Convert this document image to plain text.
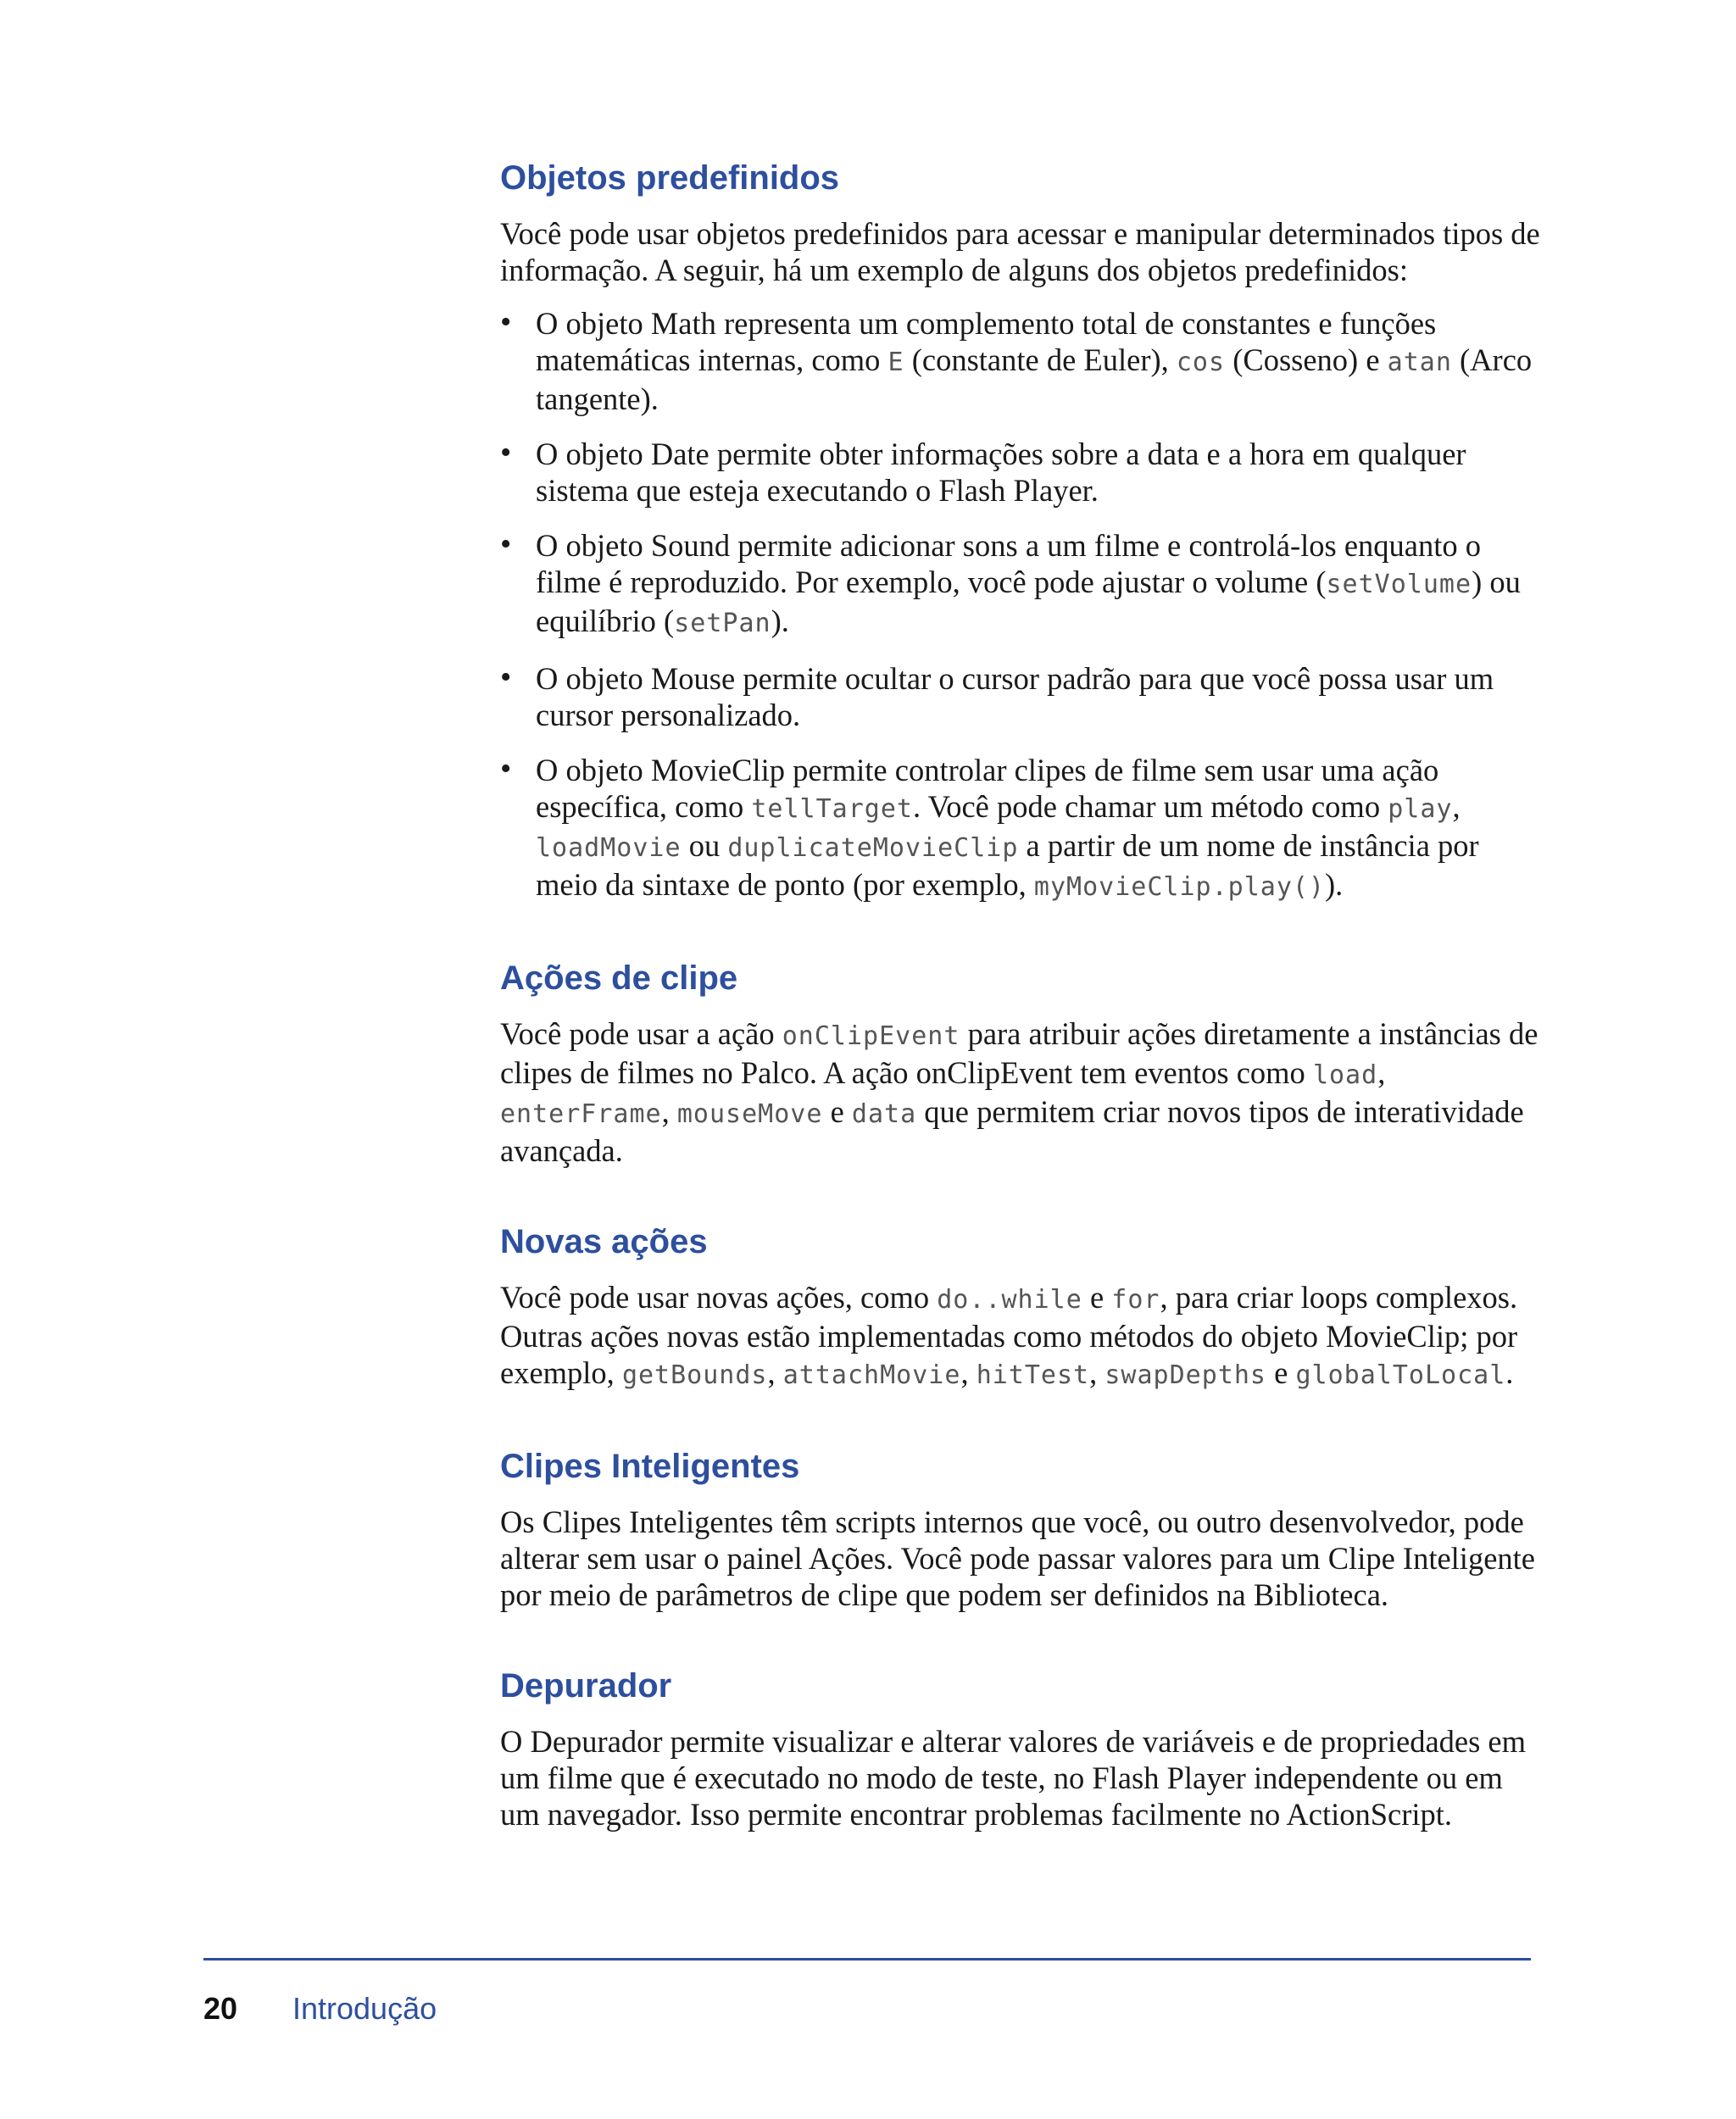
Objetos predefinidos

Você pode usar objetos predefinidos para acessar e manipular determinados tipos de informação. A seguir, há um exemplo de alguns dos objetos predefinidos:

• O objeto Math representa um complemento total de constantes e funções matemáticas internas, como E (constante de Euler), cos (Cosseno) e atan (Arco tangente).
• O objeto Date permite obter informações sobre a data e a hora em qualquer sistema que esteja executando o Flash Player.
• O objeto Sound permite adicionar sons a um filme e controlá-los enquanto o filme é reproduzido. Por exemplo, você pode ajustar o volume (setVolume) ou equilíbrio (setPan).
• O objeto Mouse permite ocultar o cursor padrão para que você possa usar um cursor personalizado.
• O objeto MovieClip permite controlar clipes de filme sem usar uma ação específica, como tellTarget. Você pode chamar um método como play, loadMovie ou duplicateMovieClip a partir de um nome de instância por meio da sintaxe de ponto (por exemplo, myMovieClip.play()).
Ações de clipe

Você pode usar a ação onClipEvent para atribuir ações diretamente a instâncias de clipes de filmes no Palco. A ação onClipEvent tem eventos como load, enterFrame, mouseMove e data que permitem criar novos tipos de interatividade avançada.

Novas ações

Você pode usar novas ações, como do..while e for, para criar loops complexos. Outras ações novas estão implementadas como métodos do objeto MovieClip; por exemplo, getBounds, attachMovie, hitTest, swapDepths e globalToLocal.

Clipes Inteligentes

Os Clipes Inteligentes têm scripts internos que você, ou outro desenvolvedor, pode alterar sem usar o painel Ações. Você pode passar valores para um Clipe Inteligente por meio de parâmetros de clipe que podem ser definidos na Biblioteca.

Depurador

O Depurador permite visualizar e alterar valores de variáveis e de propriedades em um filme que é executado no modo de teste, no Flash Player independente ou em um navegador. Isso permite encontrar problemas facilmente no ActionScript.

20 Introdução
